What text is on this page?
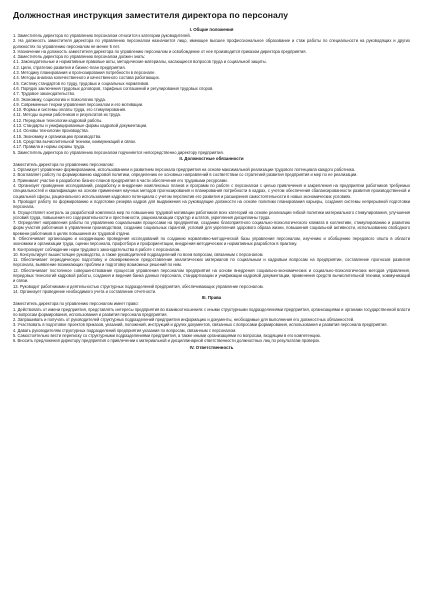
Должностная инструкция заместителя директора по персоналу
I. Общие положения

1. Заместитель директора по управлению персоналом относится к категории руководителей.

2. На должность заместителя директора по управлению персоналом назначается лицо, имеющее высшее профессиональное образование и стаж работы по специальности на руководящих и других должностях по управлению персоналом не менее 5 лет.

3. Назначение на должность заместителя директора по управлению персоналом и освобождение от нее производится приказом директора предприятия.

4. Заместитель директора по управлению персоналом должен знать:

4.1. Законодательные и нормативные правовые акты, методические материалы, касающиеся вопросов труда и социальной защиты.

4.2. Цели, стратегию развития и бизнес-план предприятия.

4.3. Методику планирования и прогнозирования потребности в персонале.

4.4. Методы анализа количественного и качественного состава работающих.

4.5. Систему стандартов по труду, трудовых и социальных нормативов.

4.6. Порядок заключения трудовых договоров, тарифных соглашений и регулирования трудовых споров.

4.7. Трудовое законодательство.

4.8. Экономику, социологию и психологию труда.

4.9. Современные теории управления персоналом и его мотивации.

4.10. Формы и системы оплаты труда, его стимулирования.

4.11. Методы оценки работников и результатов их труда.

4.12. Передовые технологии кадровой работы.

4.13. Стандарты и унифицированные формы кадровой документации.

4.14. Основы технологии производства.

4.15. Экономику и организацию производства.

4.16. Средства вычислительной техники, коммуникаций и связи.

4.17. Правила и нормы охраны труда.

5. Заместитель директора по управлению персоналом подчиняется непосредственно директору предприятия.

II. Должностные обязанности

Заместитель директора по управлению персоналом:

1. Организует управление формированием, использованием и развитием персонала предприятия на основе максимальной реализации трудового потенциала каждого работника.

2. Возглавляет работу по формированию кадровой политики, определению ее основных направлений в соответствии со стратегией развития предприятия и мер по ее реализации.

3. Принимает участие в разработке бизнес-планов предприятия в части обеспечения его трудовыми ресурсами.

4. Организует проведение исследований, разработку и внедрение комплексных планов и программ по работе с персоналом с целью привлечения и закрепления на предприятии работников требуемых специальностей и квалификации на основе применения научных методов прогнозирования и планирования потребности в кадрах, с учетом обеспечения сбалансированности развития производственной и социальной сферы, рационального использования кадрового потенциала с учетом перспектив его развития и расширения самостоятельности в новых экономических условиях.

5. Проводит работу по формированию и подготовке резерва кадров для выдвижения на руководящие должности на основе политики планирования карьеры, создания системы непрерывной подготовки персонала.

6. Осуществляет контроль за разработкой комплекса мер по повышению трудовой мотивации работников всех категорий на основе реализации гибкой политики материального стимулирования, улучшения условий труда, повышения его содержательности и престижности, рационализации структур и штатов, укрепления дисциплины труда.

7. Определяет направления работы по управлению социальными процессами на предприятии, созданию благоприятного социально-психологического климата в коллективе, стимулированию и развитию форм участия работников в управлении производством, созданию социальных гарантий, условий для укрепления здорового образа жизни, повышения социальной активности, использованию свободного времени работников в целях повышения их трудовой отдачи.

8. Обеспечивает организацию и координацию проведения исследований по созданию нормативно-методической базы управления персоналом, изучению и обобщению передового опыта в области экономики и организации труда, оценки персонала, профотбора и профориентации, внедрения методических и нормативных разработок в практику.

9. Контролирует соблюдение норм трудового законодательства в работе с персоналом.

10. Консультирует вышестоящее руководство, а также руководителей подразделений по всем вопросам, связанным с персоналом.

11. Обеспечивает периодическую подготовку и своевременное предоставление аналитических материалов по социальным и кадровым вопросам на предприятии, составление прогнозов развития персонала, выявление возникающих проблем и подготовку возможных решений по ним.

12. Обеспечивает постоянное совершенствование процессов управления персоналом предприятия на основе внедрения социально-экономических и социально-психологических методов управления, передовых технологий кадровой работы, создания и ведения банка данных персонала, стандартизации и унификации кадровой документации, применения средств вычислительной техники, коммуникаций и связи.

13. Руководит работниками и деятельностью структурных подразделений предприятия, обеспечивающих управление персоналом.

14. Организует проведение необходимого учета и составление отчетности.

III. Права

Заместитель директора по управлению персоналом имеет право:

1. Действовать от имени предприятия, представлять интересы предприятия во взаимоотношениях с иными структурными подразделениями предприятия, организациями и органами государственной власти по вопросам формирования, использования и развития персонала предприятия.

2. Запрашивать и получать от руководителей структурных подразделений предприятия информацию и документы, необходимые для выполнения его должностных обязанностей.

3. Участвовать в подготовке проектов приказов, указаний, положений, инструкций и других документов, связанных с вопросами формирования, использования и развития персонала предприятия.

4. Давать руководителям структурных подразделений предприятия указания по вопросам, связанным с персоналом.

5. Самостоятельно вести переписку со структурными подразделениями предприятия, а также иными организациями по вопросам, входящим в его компетенцию.

6. Вносить предложения директору предприятия о привлечении к материальной и дисциплинарной ответственности должностных лиц по результатам проверок.

IV. Ответственность
